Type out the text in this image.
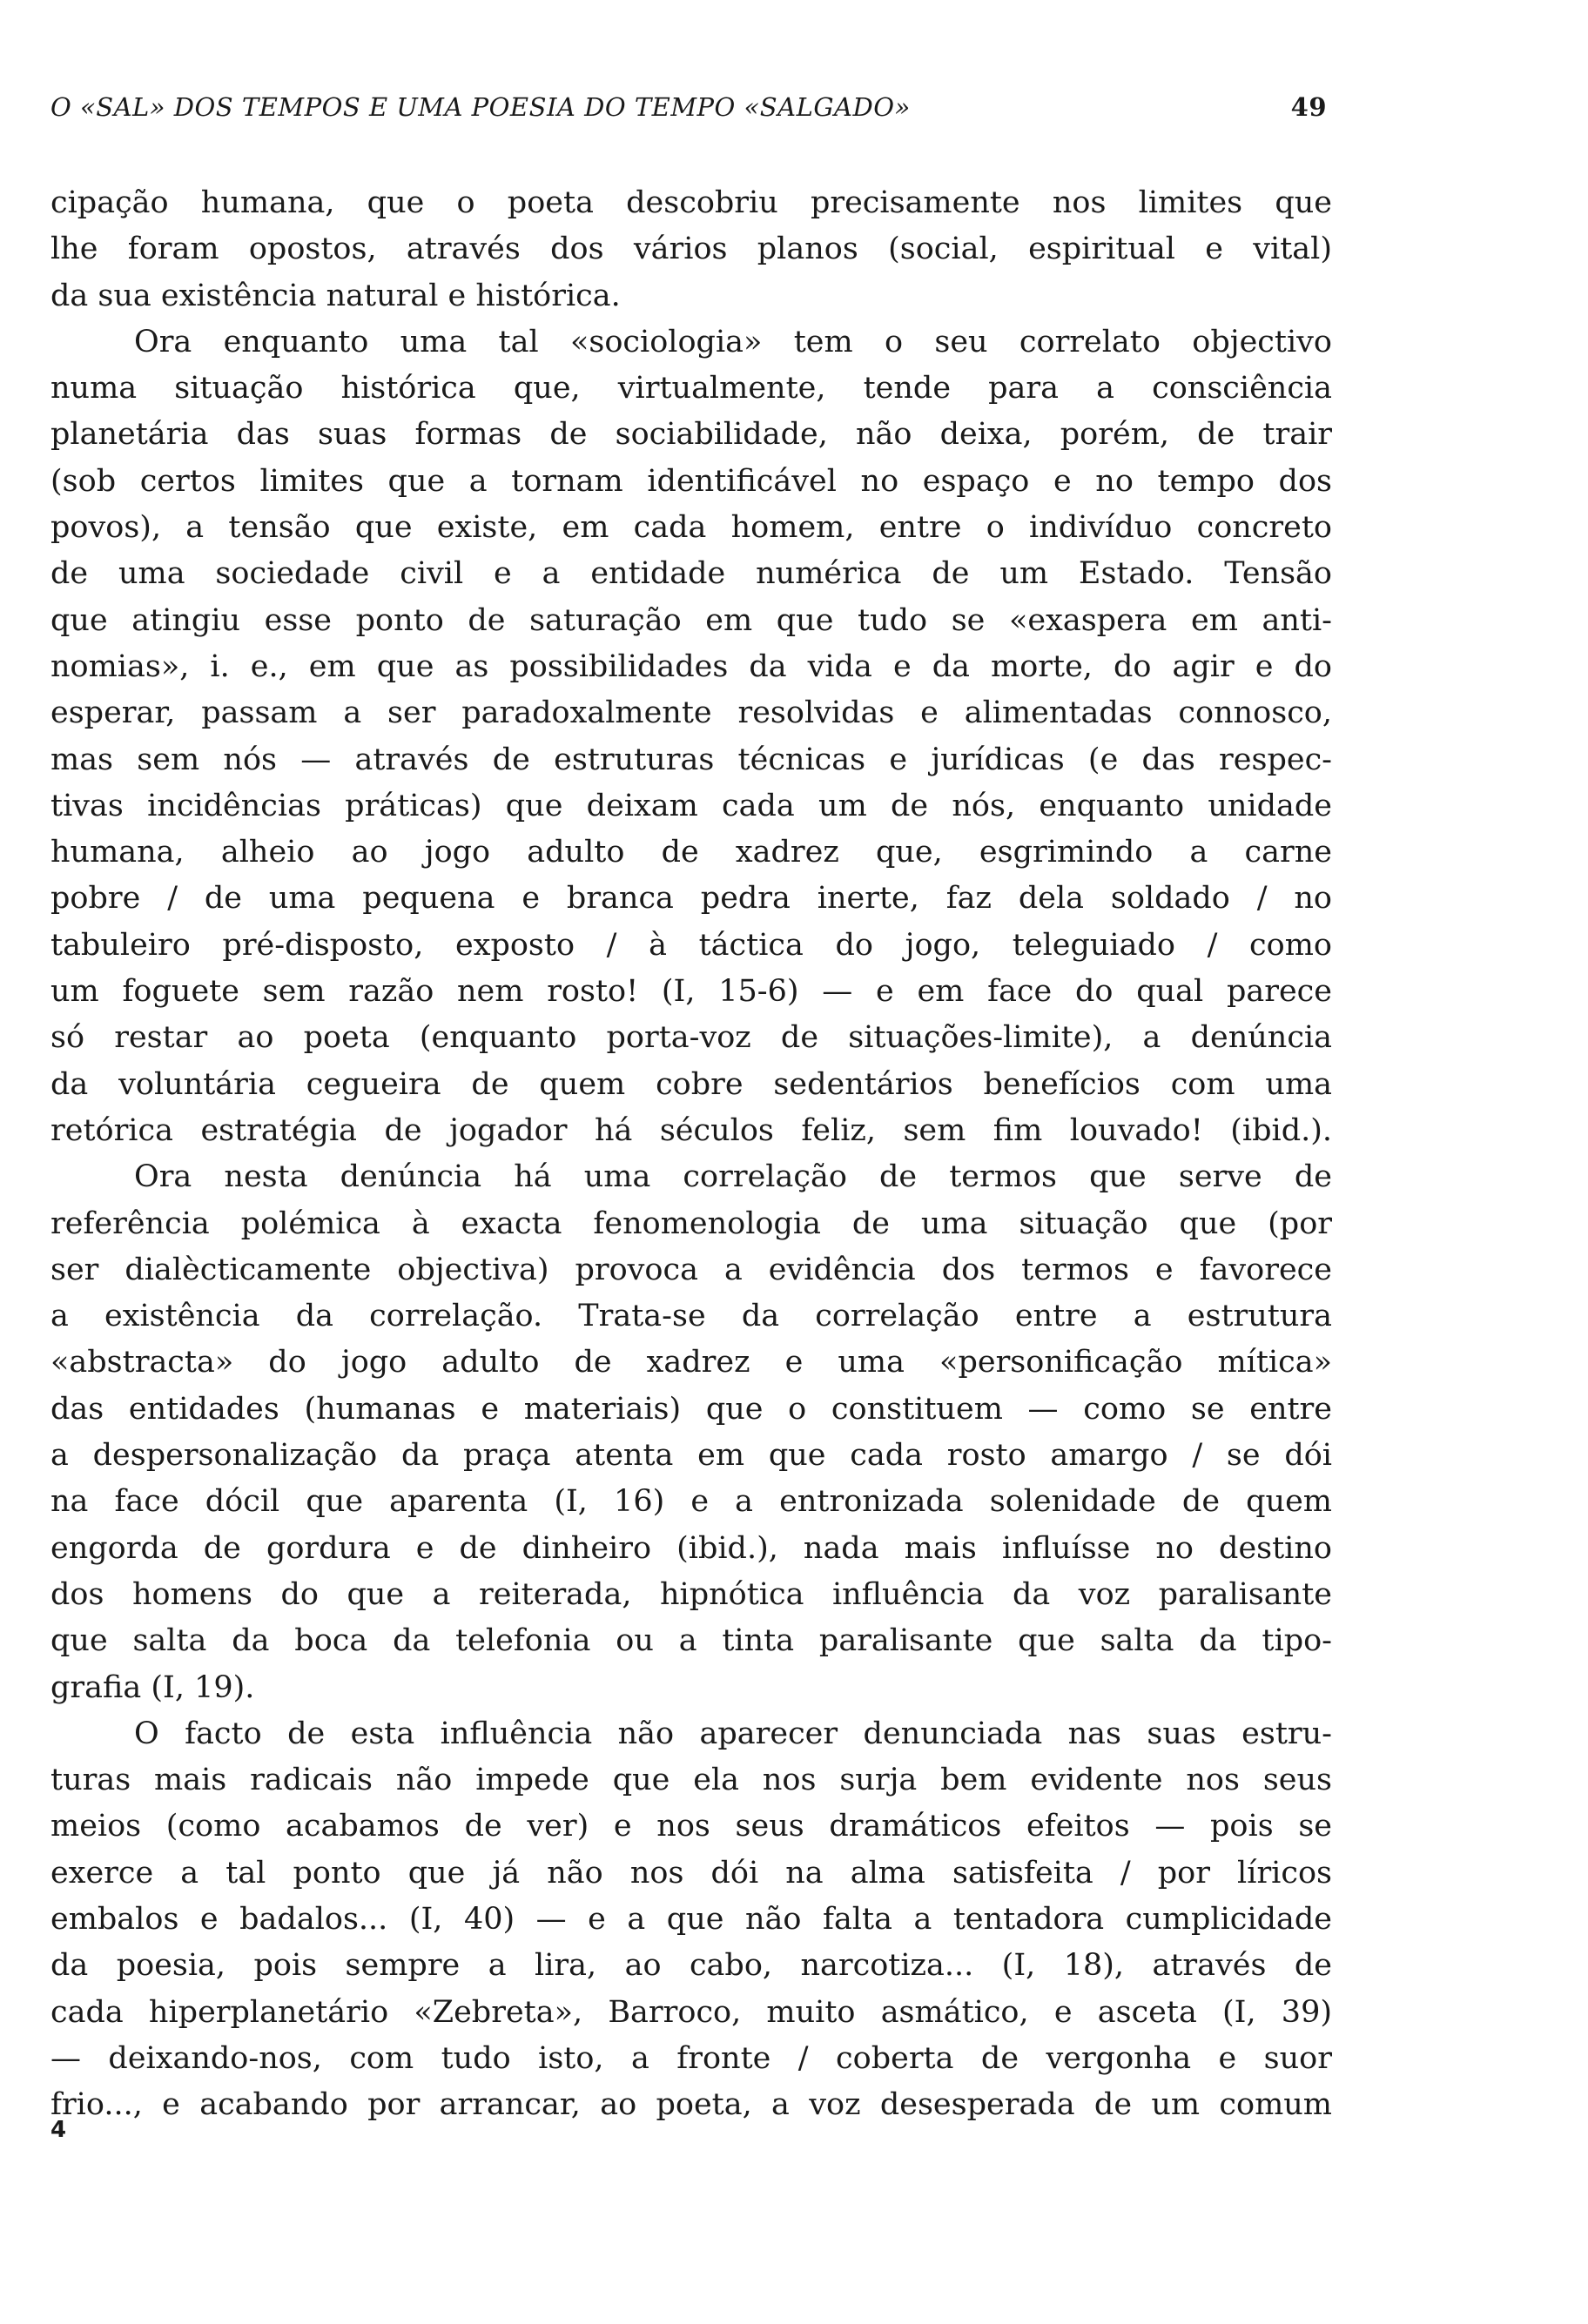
O «SAL» DOS TEMPOS E UMA POESIA DO TEMPO «SALGADO»	49
cipação humana, que o poeta descobriu precisamente nos limites que
lhe foram opostos, através dos vários planos (social, espiritual e vital)
da sua existência natural e histórica.
Ora enquanto uma tal «sociologia» tem o seu correlato objectivo
numa situação histórica que, virtualmente, tende para a consciência
planetária das suas formas de sociabilidade, não deixa, porém, de trair
(sob certos limites que a tornam identificável no espaço e no tempo dos
povos), a tensão que existe, em cada homem, entre o indivíduo concreto
de uma sociedade civil e a entidade numérica de um Estado. Tensão
que atingiu esse ponto de saturação em que tudo se «exaspera em anti-
nomias», i. e., em que as possibilidades da vida e da morte, do agir e do
esperar, passam a ser paradoxalmente resolvidas e alimentadas connosco,
mas sem nós — através de estruturas técnicas e jurídicas (e das respec-
tivas incidências práticas) que deixam cada um de nós, enquanto unidade
humana, alheio ao jogo adulto de xadrez que, esgrimindo a carne
pobre / de uma pequena e branca pedra inerte, faz dela soldado / no
tabuleiro pré-disposto, exposto / à táctica do jogo, teleguiado / como
um foguete sem razão nem rosto! (I, 15-6) — e em face do qual parece
só restar ao poeta (enquanto porta-voz de situações-limite), a denúncia
da voluntária cegueira de quem cobre sedentários benefícios com uma
retórica estratégia de jogador há séculos feliz, sem fim louvado! (ibid.).
Ora nesta denúncia há uma correlação de termos que serve de
referência polémica à exacta fenomenologia de uma situação que (por
ser dialècticamente objectiva) provoca a evidência dos termos e favorece
a existência da correlação. Trata-se da correlação entre a estrutura
«abstracta» do jogo adulto de xadrez e uma «personificação mítica»
das entidades (humanas e materiais) que o constituem — como se entre
a despersonalização da praça atenta em que cada rosto amargo / se dói
na face dócil que aparenta (I, 16) e a entronizada solenidade de quem
engorda de gordura e de dinheiro (ibid.), nada mais influísse no destino
dos homens do que a reiterada, hipnótica influência da voz paralisante
que salta da boca da telefonia ou a tinta paralisante que salta da tipo-
grafia (I, 19).
O facto de esta influência não aparecer denunciada nas suas estru-
turas mais radicais não impede que ela nos surja bem evidente nos seus
meios (como acabamos de ver) e nos seus dramáticos efeitos — pois se
exerce a tal ponto que já não nos dói na alma satisfeita / por líricos
embalos e badalos... (I, 40) — e a que não falta a tentadora cumplicidade
da poesia, pois sempre a lira, ao cabo, narcotiza... (I, 18), através de
cada hiperplanetário «Zebreta», Barroco, muito asmático, e asceta (I, 39)
— deixando-nos, com tudo isto, a fronte / coberta de vergonha e suor
frio..., e acabando por arrancar, ao poeta, a voz desesperada de um comum
4
